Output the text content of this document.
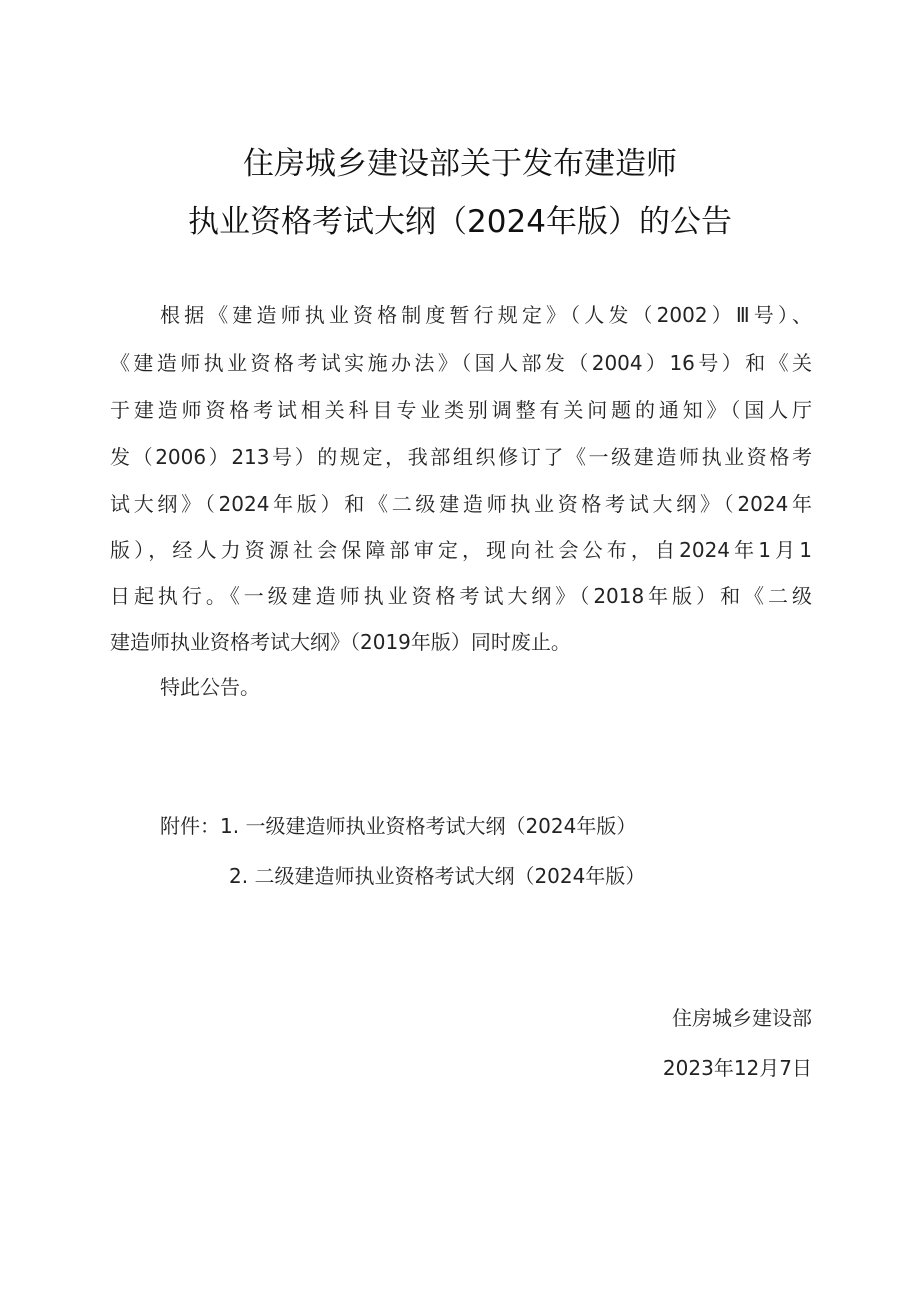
住房城乡建设部关于发布建造师
执业资格考试大纲（2024年版）的公告
根据《建造师执业资格制度暂行规定》（人发（2002）Ⅲ号）、
《建造师执业资格考试实施办法》（国人部发（2004）16号）和《关
于建造师资格考试相关科目专业类别调整有关问题的通知》（国人厅
发（2006）213号）的规定，我部组织修订了《一级建造师执业资格考
试大纲》（2024年版）和《二级建造师执业资格考试大纲》（2024年
版），经人力资源社会保障部审定，现向社会公布，自2024年1月1
日起执行。《一级建造师执业资格考试大纲》（2018年版）和《二级
建造师执业资格考试大纲》（2019年版）同时废止。
特此公告。
附件：1. 一级建造师执业资格考试大纲（2024年版）
2. 二级建造师执业资格考试大纲（2024年版）
住房城乡建设部
2023年12月7日
